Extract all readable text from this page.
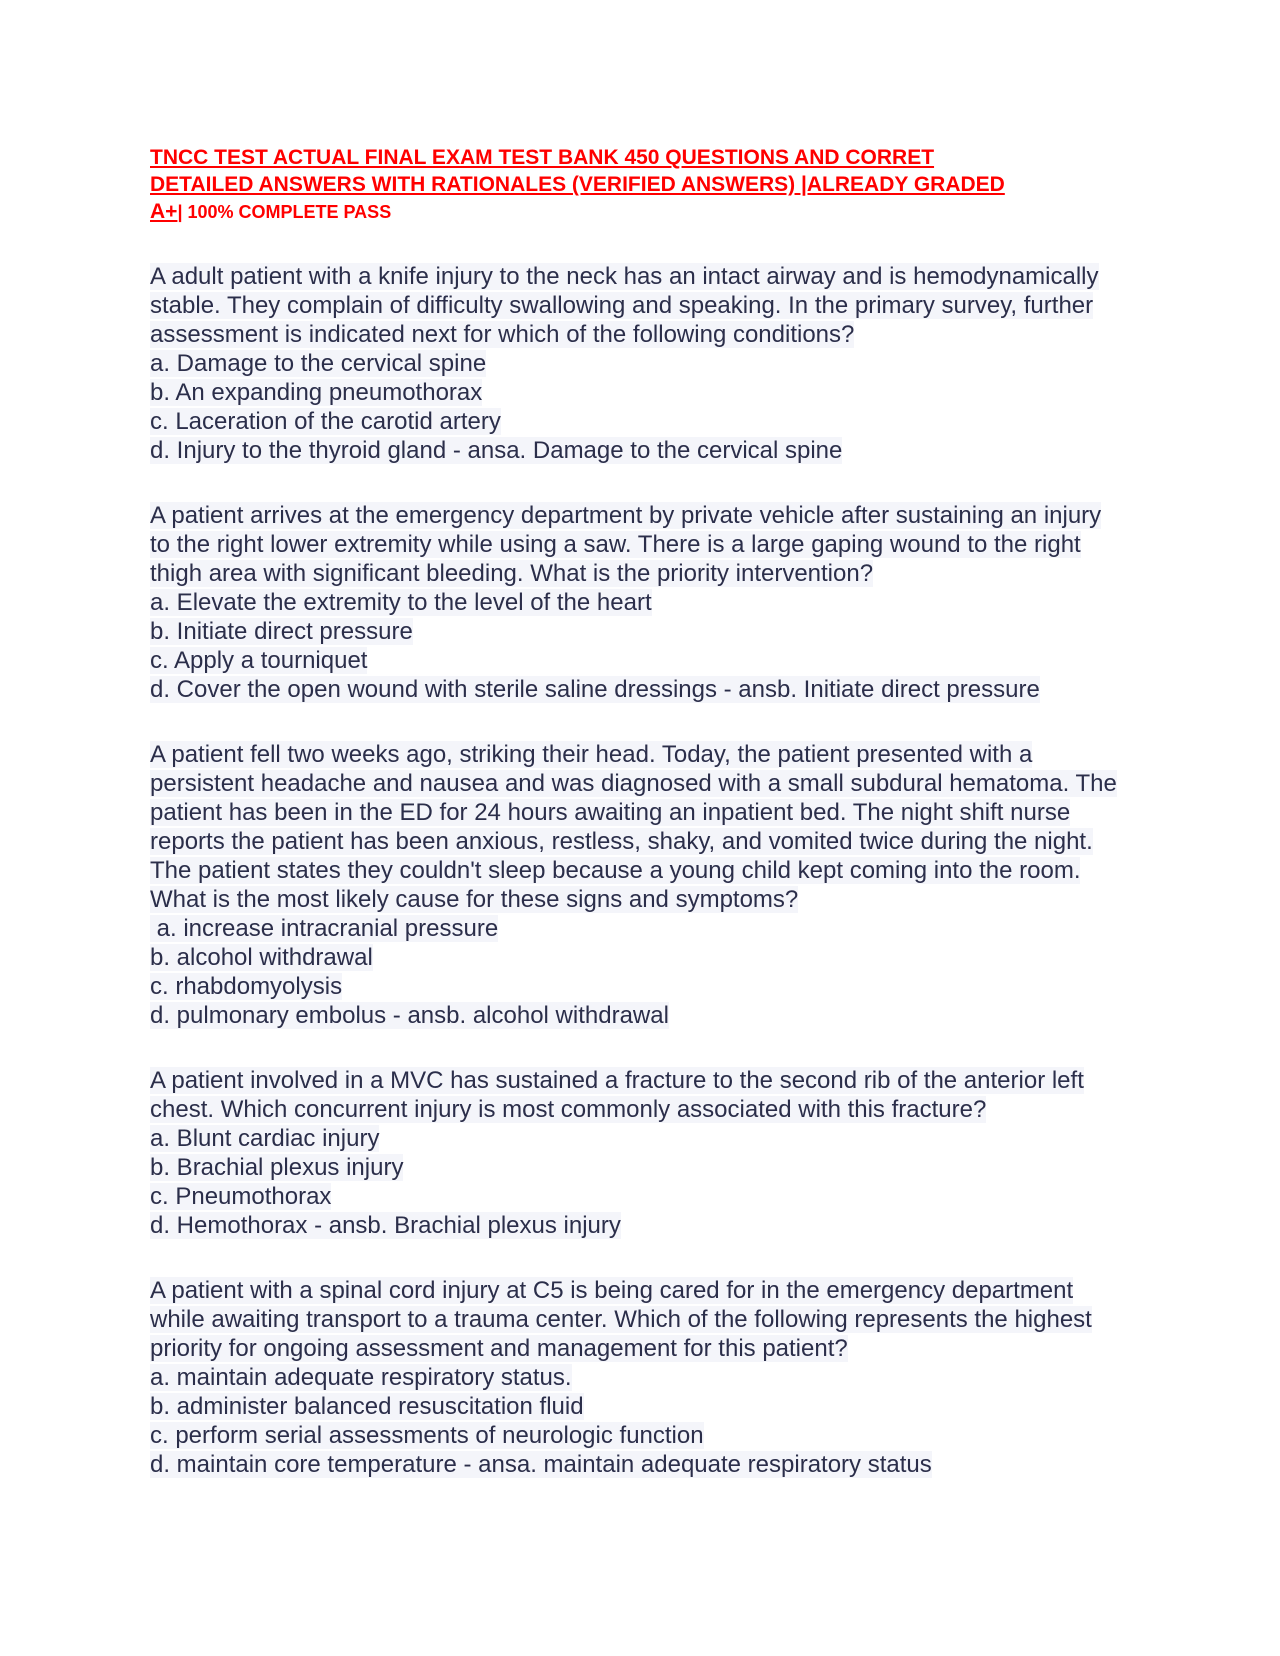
TNCC TEST ACTUAL FINAL EXAM TEST BANK 450 QUESTIONS AND CORRET
DETAILED ANSWERS WITH RATIONALES (VERIFIED ANSWERS) |ALREADY GRADED
A+| 100% COMPLETE PASS
A adult patient with a knife injury to the neck has an intact airway and is hemodynamically stable. They complain of difficulty swallowing and speaking. In the primary survey, further assessment is indicated next for which of the following conditions?
a. Damage to the cervical spine
b. An expanding pneumothorax
c. Laceration of the carotid artery
d. Injury to the thyroid gland - ansa. Damage to the cervical spine
A patient arrives at the emergency department by private vehicle after sustaining an injury to the right lower extremity while using a saw. There is a large gaping wound to the right thigh area with significant bleeding. What is the priority intervention?
a. Elevate the extremity to the level of the heart
b. Initiate direct pressure
c. Apply a tourniquet
d. Cover the open wound with sterile saline dressings - ansb. Initiate direct pressure
A patient fell two weeks ago, striking their head. Today, the patient presented with a persistent headache and nausea and was diagnosed with a small subdural hematoma. The patient has been in the ED for 24 hours awaiting an inpatient bed. The night shift nurse reports the patient has been anxious, restless, shaky, and vomited twice during the night. The patient states they couldn't sleep because a young child kept coming into the room. What is the most likely cause for these signs and symptoms?
a. increase intracranial pressure
b. alcohol withdrawal
c. rhabdomyolysis
d. pulmonary embolus - ansb. alcohol withdrawal
A patient involved in a MVC has sustained a fracture to the second rib of the anterior left chest. Which concurrent injury is most commonly associated with this fracture?
a. Blunt cardiac injury
b. Brachial plexus injury
c. Pneumothorax
d. Hemothorax - ansb. Brachial plexus injury
A patient with a spinal cord injury at C5 is being cared for in the emergency department while awaiting transport to a trauma center. Which of the following represents the highest priority for ongoing assessment and management for this patient?
a. maintain adequate respiratory status.
b. administer balanced resuscitation fluid
c. perform serial assessments of neurologic function
d. maintain core temperature - ansa. maintain adequate respiratory status
